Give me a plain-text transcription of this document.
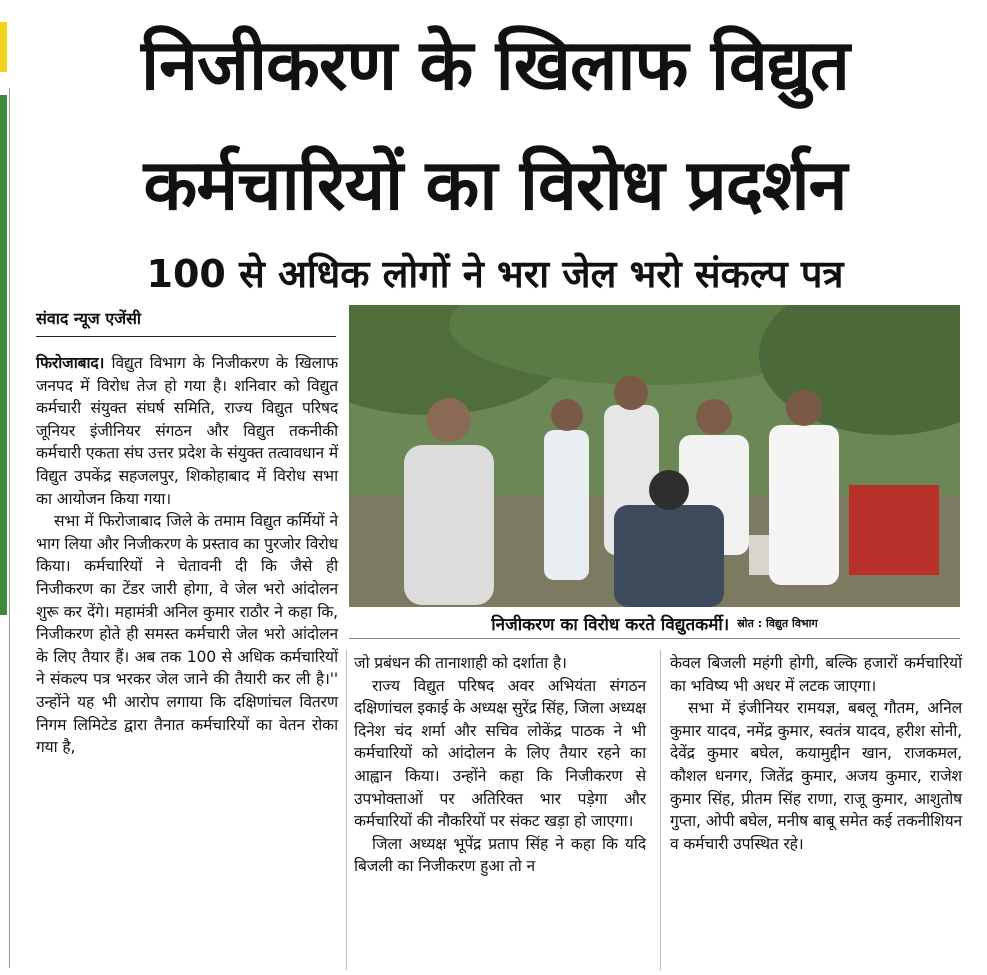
निजीकरण के खिलाफ विद्युत
कर्मचारियों का विरोध प्रदर्शन
100 से अधिक लोगों ने भरा जेल भरो संकल्प पत्र
संवाद न्यूज एजेंसी
निजीकरण का विरोध करते विद्युतकर्मी। स्रोत : विद्युत विभाग

फिरोजाबाद। विद्युत विभाग के निजीकरण के खिलाफ जनपद में विरोध तेज हो गया है। शनिवार को विद्युत कर्मचारी संयुक्त संघर्ष समिति, राज्य विद्युत परिषद जूनियर इंजीनियर संगठन और विद्युत तकनीकी कर्मचारी एकता संघ उत्तर प्रदेश के संयुक्त तत्वावधान में विद्युत उपकेंद्र सहजलपुर, शिकोहाबाद में विरोध सभा का आयोजन किया गया।

सभा में फिरोजाबाद जिले के तमाम विद्युत कर्मियों ने भाग लिया और निजीकरण के प्रस्ताव का पुरजोर विरोध किया। कर्मचारियों ने चेतावनी दी कि जैसे ही निजीकरण का टेंडर जारी होगा, वे जेल भरो आंदोलन शुरू कर देंगे। महामंत्री अनिल कुमार राठौर ने कहा कि, निजीकरण होते ही समस्त कर्मचारी जेल भरो आंदोलन के लिए तैयार हैं। अब तक 100 से अधिक कर्मचारियों ने संकल्प पत्र भरकर जेल जाने की तैयारी कर ली है।'' उन्होंने यह भी आरोप लगाया कि दक्षिणांचल वितरण निगम लिमिटेड द्वारा तैनात कर्मचारियों का वेतन रोका गया है,

जो प्रबंधन की तानाशाही को दर्शाता है।

राज्य विद्युत परिषद अवर अभियंता संगठन दक्षिणांचल इकाई के अध्यक्ष सुरेंद्र सिंह, जिला अध्यक्ष दिनेश चंद शर्मा और सचिव लोकेंद्र पाठक ने भी कर्मचारियों को आंदोलन के लिए तैयार रहने का आह्वान किया। उन्होंने कहा कि निजीकरण से उपभोक्ताओं पर अतिरिक्त भार पड़ेगा और कर्मचारियों की नौकरियों पर संकट खड़ा हो जाएगा।

जिला अध्यक्ष भूपेंद्र प्रताप सिंह ने कहा कि यदि बिजली का निजीकरण हुआ तो न

केवल बिजली महंगी होगी, बल्कि हजारों कर्मचारियों का भविष्य भी अधर में लटक जाएगा।

सभा में इंजीनियर रामयज्ञ, बबलू गौतम, अनिल कुमार यादव, नमेंद्र कुमार, स्वतंत्र यादव, हरीश सोनी, देवेंद्र कुमार बघेल, कयामुद्दीन खान, राजकमल, कौशल धनगर, जितेंद्र कुमार, अजय कुमार, राजेश कुमार सिंह, प्रीतम सिंह राणा, राजू कुमार, आशुतोष गुप्ता, ओपी बघेल, मनीष बाबू समेत कई तकनीशियन व कर्मचारी उपस्थित रहे।
